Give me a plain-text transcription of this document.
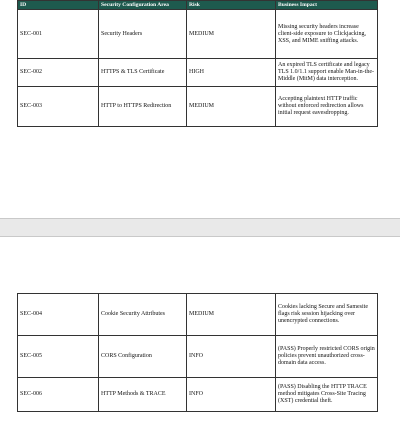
ID	Security Configuration Area	Risk	Business Impact
SEC-001	Security Headers	MEDIUM	Missing security headers increase client-side exposure to Clickjacking, XSS, and MIME sniffing attacks.
SEC-002	HTTPS & TLS Certificate	HIGH	An expired TLS certificate and legacy TLS 1.0/1.1 support enable Man-in-the-Middle (MitM) data interception.
SEC-003	HTTP to HTTPS Redirection	MEDIUM	Accepting plaintext HTTP traffic without enforced redirection allows initial request eavesdropping.
SEC-004	Cookie Security Attributes	MEDIUM	Cookies lacking Secure and Samesite flags risk session hijacking over unencrypted connections.
SEC-005	CORS Configuration	INFO	(PASS) Properly restricted CORS origin policies prevent unauthorized cross-domain data access.
SEC-006	HTTP Methods & TRACE	INFO	(PASS) Disabling the HTTP TRACE method mitigates Cross-Site Tracing (XST) credential theft.
